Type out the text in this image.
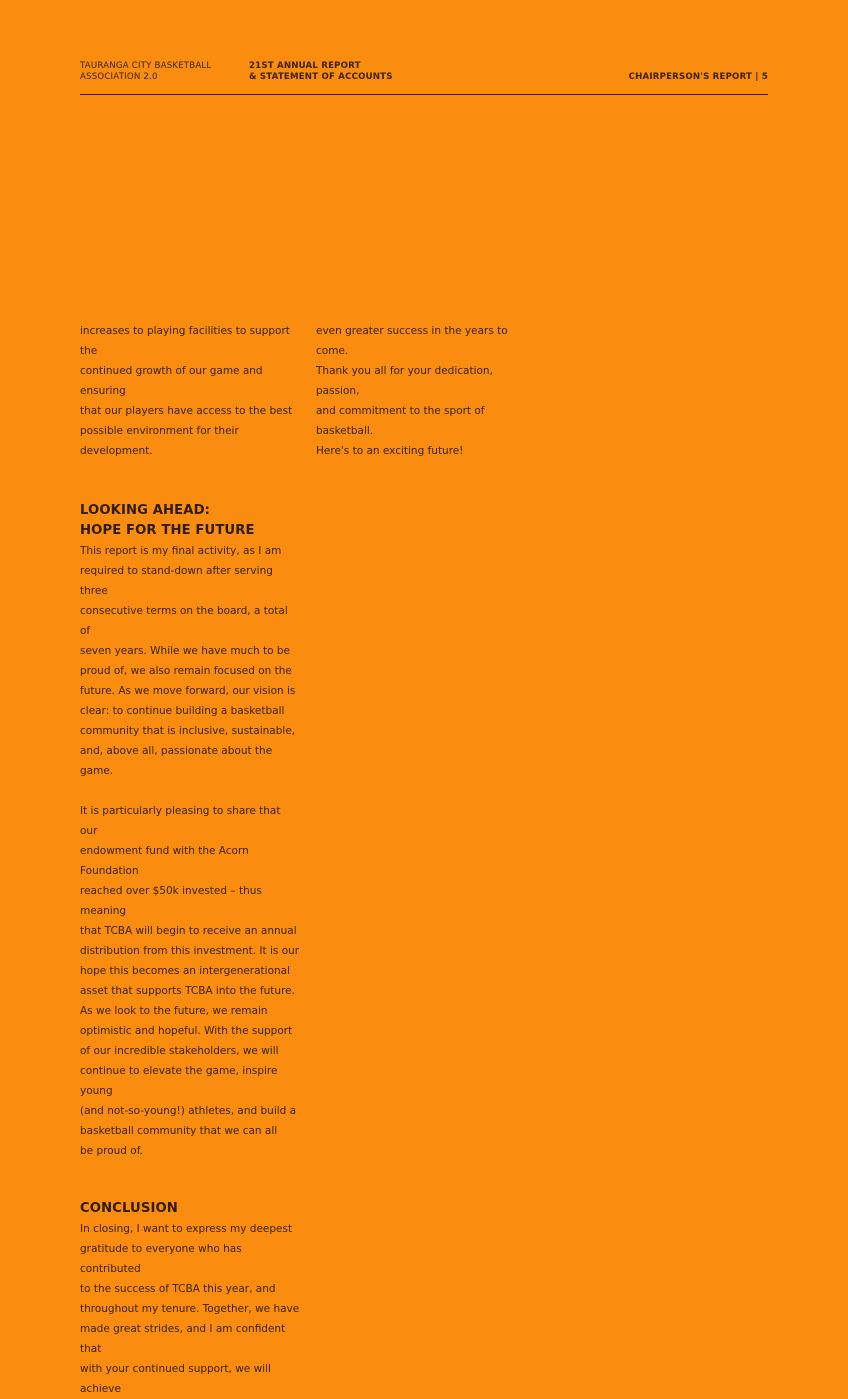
TAURANGA CITY BASKETBALL
ASSOCIATION 2.0
21ST ANNUAL REPORT
& STATEMENT OF ACCOUNTS	CHAIRPERSON'S REPORT | 5

increases to playing facilities to support the
continued growth of our game and ensuring
that our players have access to the best
possible environment for their development.

LOOKING AHEAD:
HOPE FOR THE FUTURE

This report is my final activity, as I am
required to stand-down after serving three
consecutive terms on the board, a total of
seven years. While we have much to be
proud of, we also remain focused on the
future. As we move forward, our vision is
clear: to continue building a basketball
community that is inclusive, sustainable,
and, above all, passionate about the game.

It is particularly pleasing to share that our
endowment fund with the Acorn Foundation
reached over $50k invested – thus meaning
that TCBA will begin to receive an annual
distribution from this investment. It is our
hope this becomes an intergenerational
asset that supports TCBA into the future.
As we look to the future, we remain
optimistic and hopeful. With the support
of our incredible stakeholders, we will
continue to elevate the game, inspire young
(and not-so-young!) athletes, and build a
basketball community that we can all
be proud of.

CONCLUSION

In closing, I want to express my deepest
gratitude to everyone who has contributed
to the success of TCBA this year, and
throughout my tenure. Together, we have
made great strides, and I am confident that
with your continued support, we will achieve

even greater success in the years to come.
Thank you all for your dedication, passion,
and commitment to the sport of basketball.
Here's to an exciting future!
